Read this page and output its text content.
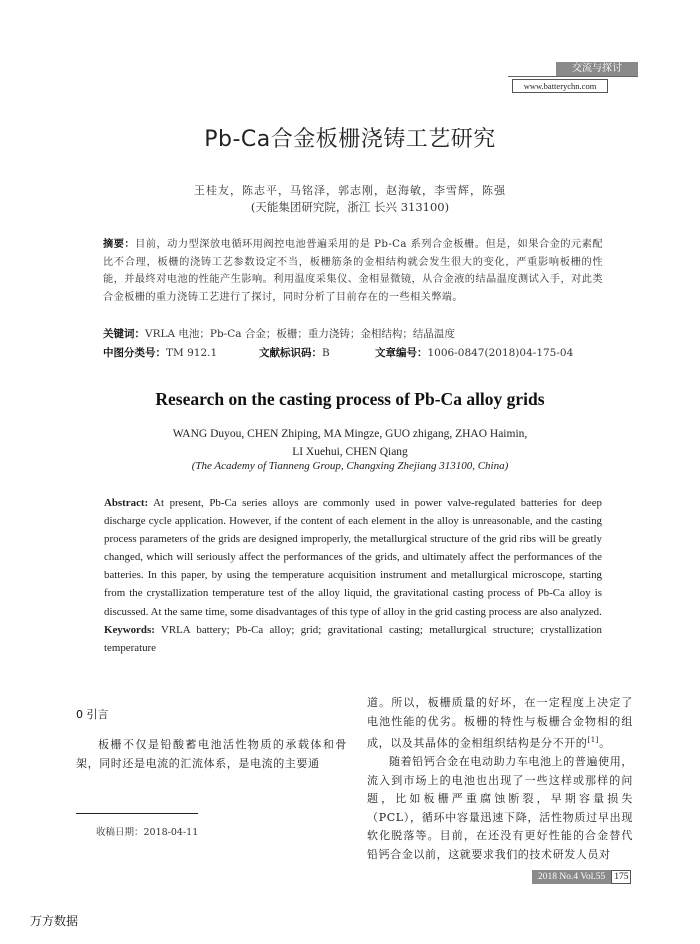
交流与探讨
www.batterychn.com
Pb-Ca合金板栅浇铸工艺研究
王桂友，陈志平，马铭泽，郭志刚，赵海敏，李雪辉，陈强
(天能集团研究院，浙江 长兴 313100)
摘要：目前，动力型深放电循环用阀控电池普遍采用的是 Pb-Ca 系列合金板栅。但是，如果合金的元素配比不合理，板栅的浇铸工艺参数设定不当，板栅筋条的金相结构就会发生很大的变化，严重影响板栅的性能，并最终对电池的性能产生影响。利用温度采集仪、金相显微镜，从合金液的结晶温度测试入手，对此类合金板栅的重力浇铸工艺进行了探讨，同时分析了目前存在的一些相关弊端。
关键词：VRLA 电池；Pb-Ca 合金；板栅；重力浇铸；金相结构；结晶温度
中图分类号：TM 912.1	文献标识码：B	文章编号：1006-0847(2018)04-175-04
Research on the casting process of Pb-Ca alloy grids
WANG Duyou, CHEN Zhiping, MA Mingze, GUO zhigang, ZHAO Haimin,
LI Xuehui, CHEN Qiang
(The Academy of Tianneng Group, Changxing Zhejiang 313100, China)
Abstract: At present, Pb-Ca series alloys are commonly used in power valve-regulated batteries for deep discharge cycle application. However, if the content of each element in the alloy is unreasonable, and the casting process parameters of the grids are designed improperly, the metallurgical structure of the grid ribs will be greatly changed, which will seriously affect the performances of the grids, and ultimately affect the performances of the batteries. In this paper, by using the temperature acquisition instrument and metallurgical microscope, starting from the crystallization temperature test of the alloy liquid, the gravitational casting process of Pb-Ca alloy is discussed. At the same time, some disadvantages of this type of alloy in the grid casting process are also analyzed.
Keywords: VRLA battery; Pb-Ca alloy; grid; gravitational casting; metallurgical structure; crystallization temperature
0 引言

板栅不仅是铅酸蓄电池活性物质的承载体和骨架，同时还是电流的汇流体系，是电流的主要通

道。所以，板栅质量的好坏，在一定程度上决定了电池性能的优劣。板栅的特性与板栅合金物相的组成，以及其晶体的金相组织结构是分不开的[1]。

随着铅钙合金在电动助力车电池上的普遍使用，流入到市场上的电池也出现了一些这样或那样的问题，比如板栅严重腐蚀断裂，早期容量损失（PCL），循环中容量迅速下降，活性物质过早出现软化脱落等。目前，在还没有更好性能的合金替代铅钙合金以前，这就要求我们的技术研发人员对

收稿日期：2018-04-11
2018 No.4 Vol.55 175
万方数据
